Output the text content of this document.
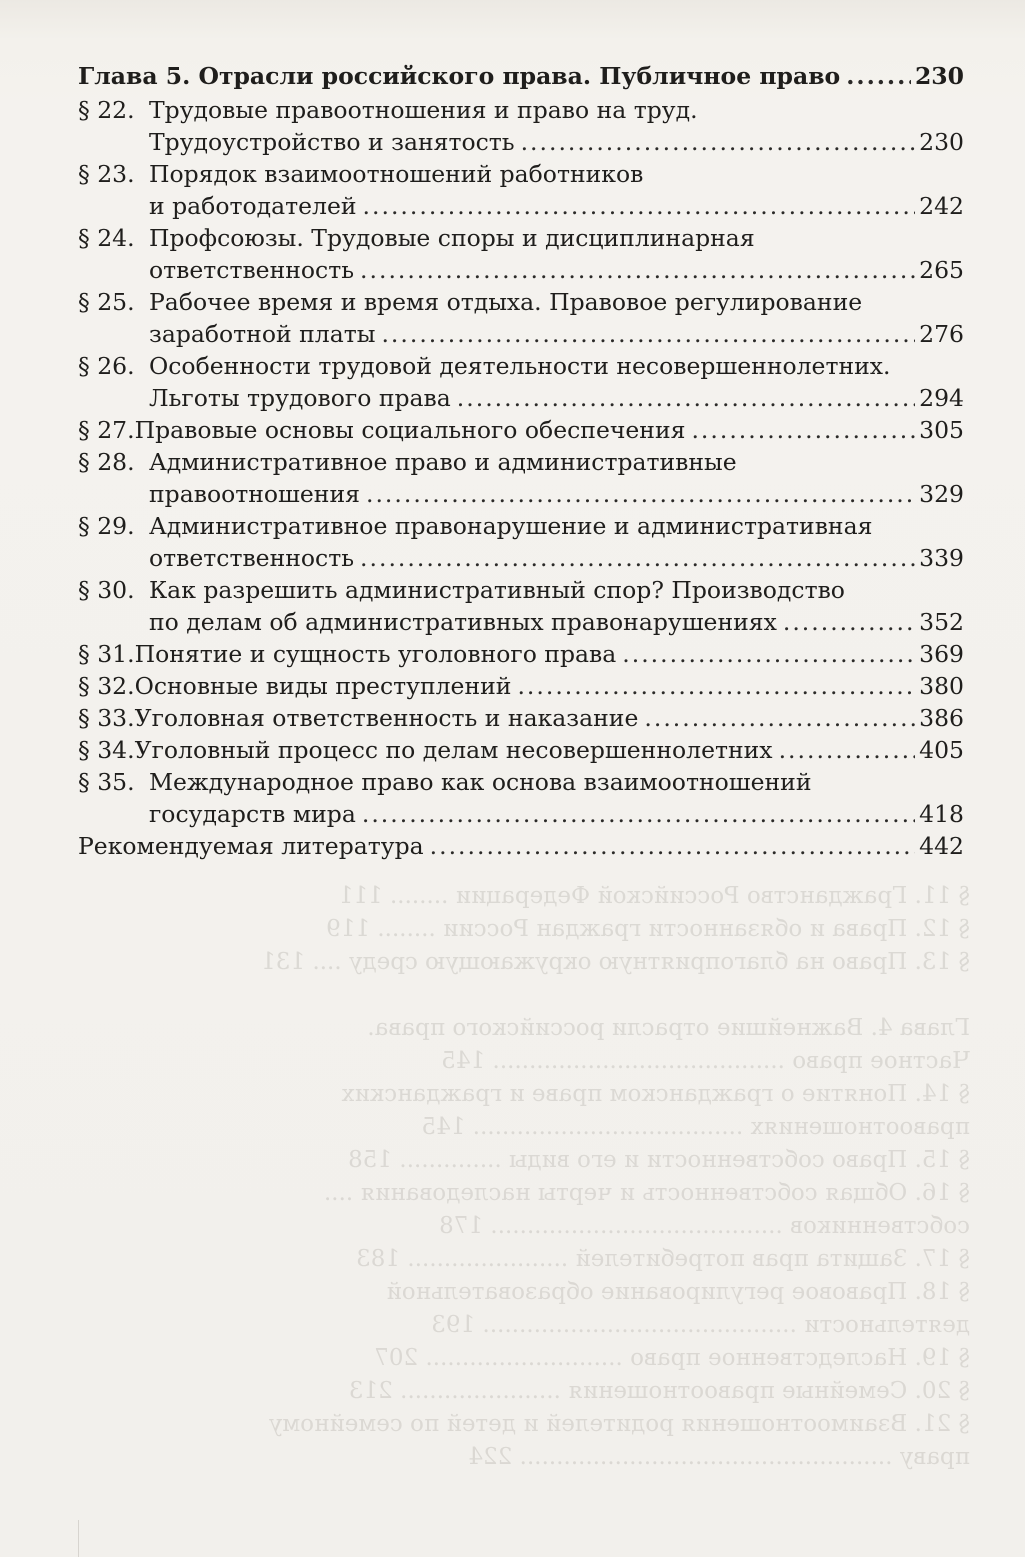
§ 11. Гражданство Российской Федерации ........ 111
§ 12. Права и обязанности граждан России ........ 119
§ 13. Право на благоприятную окружающую среду .... 131

Глава 4. Важнейшие отрасли российского права.
Частное право ........................................ 145
§ 14. Понятие о гражданском праве и гражданских
правоотношениях ..................................... 145
§ 15. Право собственности и его виды .............. 158
§ 16. Общая собственность и черты наследования ....
собственников ........................................ 178
§ 17. Защита прав потребителей ...................... 183
§ 18. Правовое регулирование образовательной
деятельности ........................................... 193
§ 19. Наследственное право ........................... 207
§ 20. Семейные правоотношения ...................... 213
§ 21. Взаимоотношения родителей и детей по семейному
праву ................................................... 224
Глава 5. Отрасли российского права. Публичное право .....	230
§ 22. Трудовые правоотношения и право на труд.
Трудоустройство и занятость .....	230
§ 23. Порядок взаимоотношений работников
и работодателей .....	242
§ 24. Профсоюзы. Трудовые споры и дисциплинарная
ответственность .....	265
§ 25. Рабочее время и время отдыха. Правовое регулирование
заработной платы .....	276
§ 26. Особенности трудовой деятельности несовершеннолетних.
Льготы трудового права .....	294
§ 27. Правовые основы социального обеспечения .....	305
§ 28. Административное право и административные
правоотношения .....	329
§ 29. Административное правонарушение и административная
ответственность .....	339
§ 30. Как разрешить административный спор? Производство
по делам об административных правонарушениях .....	352
§ 31. Понятие и сущность уголовного права .....	369
§ 32. Основные виды преступлений .....	380
§ 33. Уголовная ответственность и наказание .....	386
§ 34. Уголовный процесс по делам несовершеннолетних .....	405
§ 35. Международное право как основа взаимоотношений
государств мира .....	418
Рекомендуемая литература .....	442
